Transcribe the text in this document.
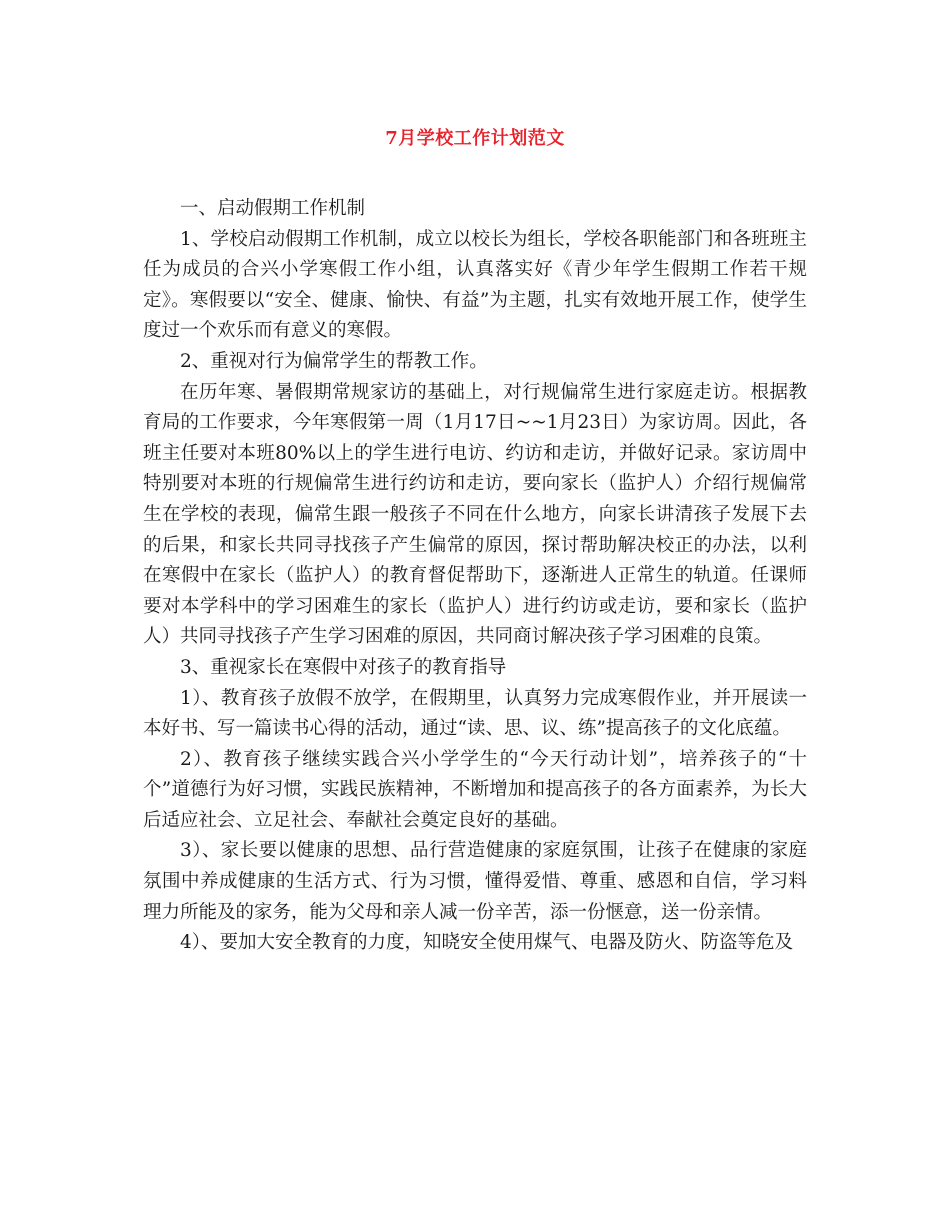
7月学校工作计划范文

一、启动假期工作机制

1、学校启动假期工作机制，成立以校长为组长，学校各职能部门和各班班主任为成员的合兴小学寒假工作小组，认真落实好《青少年学生假期工作若干规定》。寒假要以“安全、健康、愉快、有益”为主题，扎实有效地开展工作，使学生度过一个欢乐而有意义的寒假。

2、重视对行为偏常学生的帮教工作。

在历年寒、暑假期常规家访的基础上，对行规偏常生进行家庭走访。根据教育局的工作要求，今年寒假第一周（1月17日~~1月23日）为家访周。因此，各班主任要对本班80%以上的学生进行电访、约访和走访，并做好记录。家访周中特别要对本班的行规偏常生进行约访和走访，要向家长（监护人）介绍行规偏常生在学校的表现，偏常生跟一般孩子不同在什么地方，向家长讲清孩子发展下去的后果，和家长共同寻找孩子产生偏常的原因，探讨帮助解决校正的办法，以利在寒假中在家长（监护人）的教育督促帮助下，逐渐进人正常生的轨道。任课师要对本学科中的学习困难生的家长（监护人）进行约访或走访，要和家长（监护人）共同寻找孩子产生学习困难的原因，共同商讨解决孩子学习困难的良策。

3、重视家长在寒假中对孩子的教育指导

1）、教育孩子放假不放学，在假期里，认真努力完成寒假作业，并开展读一本好书、写一篇读书心得的活动，通过“读、思、议、练”提高孩子的文化底蕴。

2）、教育孩子继续实践合兴小学学生的“今天行动计划”，培养孩子的“十个”道德行为好习惯，实践民族精神，不断增加和提高孩子的各方面素养，为长大后适应社会、立足社会、奉献社会奠定良好的基础。

3）、家长要以健康的思想、品行营造健康的家庭氛围，让孩子在健康的家庭氛围中养成健康的生活方式、行为习惯，懂得爱惜、尊重、感恩和自信，学习料理力所能及的家务，能为父母和亲人减一份辛苦，添一份惬意，送一份亲情。

4）、要加大安全教育的力度，知晓安全使用煤气、电器及防火、防盗等危及
